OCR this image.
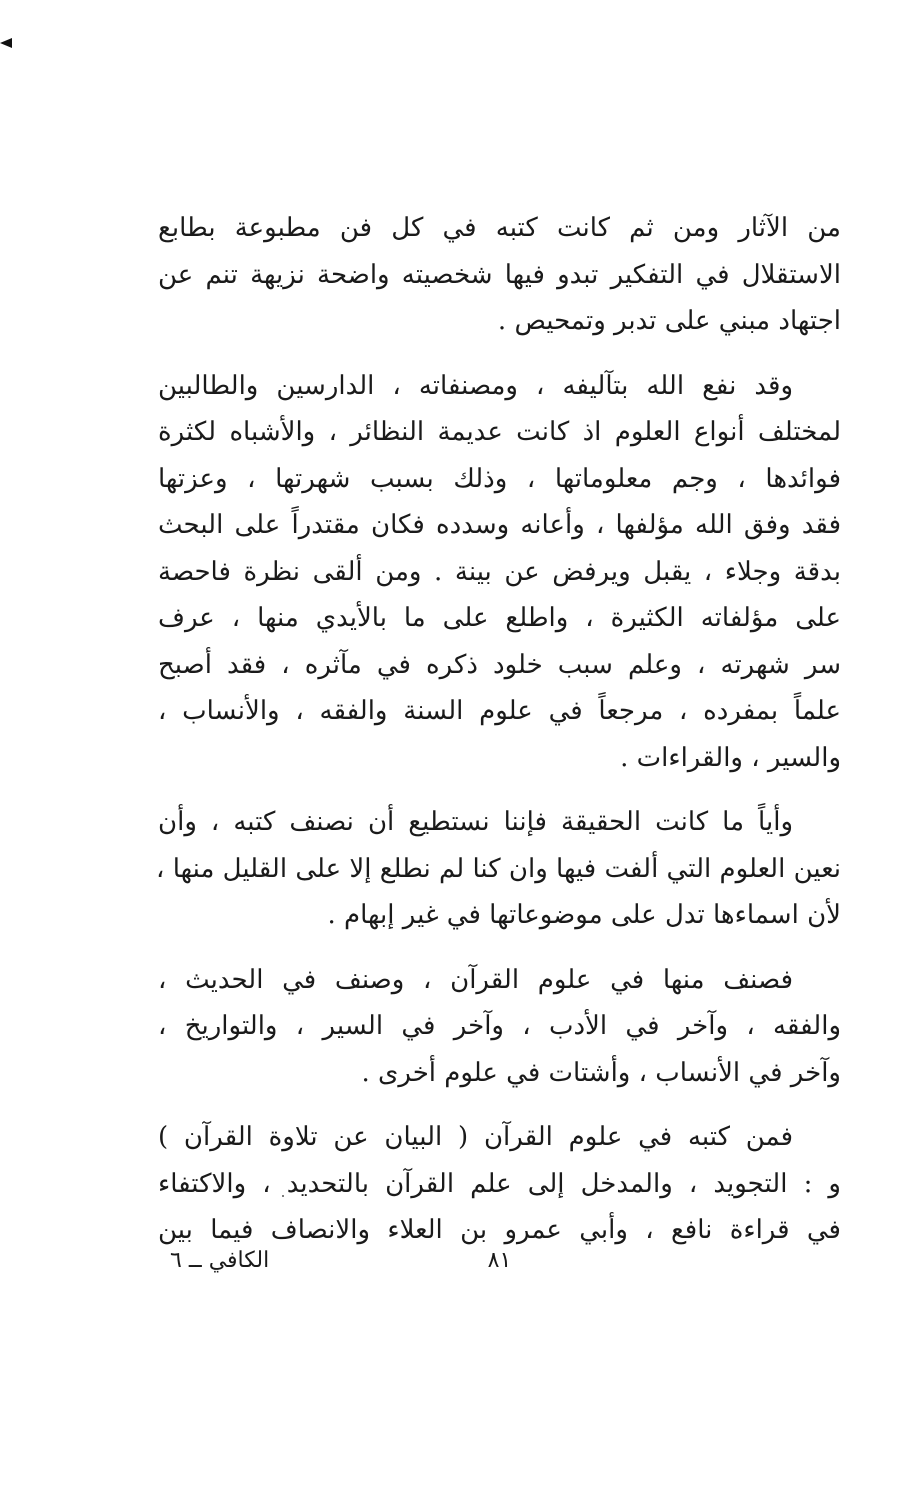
من الآثار ومن ثم كانت كتبه في كل فن مطبوعة بطابع
الاستقلال في التفكير تبدو فيها شخصيته واضحة نزيهة تنم عن
اجتهاد مبني على تدبر وتمحيص .

وقد نفع الله بتآليفه ، ومصنفاته ، الدارسين والطالبين
لمختلف أنواع العلوم اذ كانت عديمة النظائر ، والأشباه لكثرة
فوائدها ، وجم معلوماتها ، وذلك بسبب شهرتها ، وعزتها
فقد وفق الله مؤلفها ، وأعانه وسدده فكان مقتدراً على البحث
بدقة وجلاء ، يقبل ويرفض عن بينة . ومن ألقى نظرة فاحصة
على مؤلفاته الكثيرة ، واطلع على ما بالأيدي منها ، عرف
سر شهرته ، وعلم سبب خلود ذكره في مآثره ، فقد أصبح
علماً بمفرده ، مرجعاً في علوم السنة والفقه ، والأنساب ،
والسير ، والقراءات .

وأياً ما كانت الحقيقة فإننا نستطيع أن نصنف كتبه ، وأن
نعين العلوم التي ألفت فيها وان كنا لم نطلع إلا على القليل منها ،
لأن اسماءها تدل على موضوعاتها في غير إبهام .

فصنف منها في علوم القرآن ، وصنف في الحديث ،
والفقه ، وآخر في الأدب ، وآخر في السير ، والتواريخ ،
وآخر في الأنساب ، وأشتات في علوم أخرى .

فمن كتبه في علوم القرآن ( البيان عن تلاوة القرآن )
و : التجويد ، والمدخل إلى علم القرآن بالتحديد ، والاكتفاء
في قراءة نافع ، وأبي عمرو بن العلاء والانصاف فيما بين

٨١
الكافي ــ ٦
